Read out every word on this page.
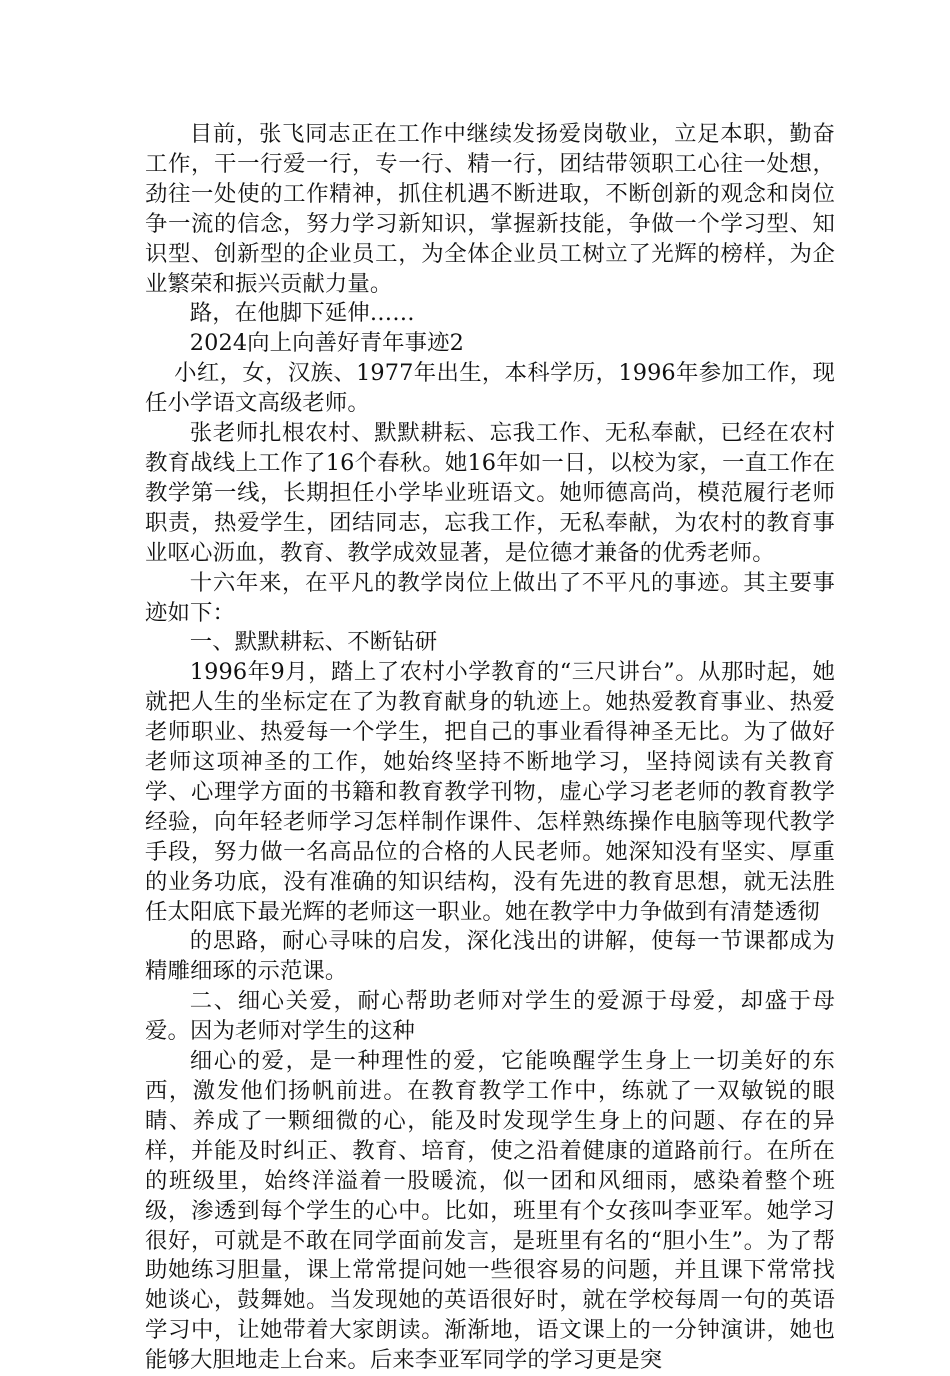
目前，张飞同志正在工作中继续发扬爱岗敬业，立足本职，勤奋工作，干一行爱一行，专一行、精一行，团结带领职工心往一处想，劲往一处使的工作精神，抓住机遇不断进取，不断创新的观念和岗位争一流的信念，努力学习新知识，掌握新技能，争做一个学习型、知识型、创新型的企业员工，为全体企业员工树立了光辉的榜样，为企业繁荣和振兴贡献力量。

路，在他脚下延伸……

2024向上向善好青年事迹2

小红，女，汉族、1977年出生，本科学历，1996年参加工作，现任小学语文高级老师。

张老师扎根农村、默默耕耘、忘我工作、无私奉献，已经在农村教育战线上工作了16个春秋。她16年如一日，以校为家，一直工作在教学第一线，长期担任小学毕业班语文。她师德高尚，模范履行老师职责，热爱学生，团结同志，忘我工作，无私奉献，为农村的教育事业呕心沥血，教育、教学成效显著，是位德才兼备的优秀老师。

十六年来，在平凡的教学岗位上做出了不平凡的事迹。其主要事迹如下：

一、默默耕耘、不断钻研

1996年9月，踏上了农村小学教育的“三尺讲台”。从那时起，她就把人生的坐标定在了为教育献身的轨迹上。她热爱教育事业、热爱老师职业、热爱每一个学生，把自己的事业看得神圣无比。为了做好老师这项神圣的工作，她始终坚持不断地学习，坚持阅读有关教育学、心理学方面的书籍和教育教学刊物，虚心学习老老师的教育教学经验，向年轻老师学习怎样制作课件、怎样熟练操作电脑等现代教学手段，努力做一名高品位的合格的人民老师。她深知没有坚实、厚重的业务功底，没有准确的知识结构，没有先进的教育思想，就无法胜任太阳底下最光辉的老师这一职业。她在教学中力争做到有清楚透彻

的思路，耐心寻味的启发，深化浅出的讲解，使每一节课都成为精雕细琢的示范课。

二、细心关爱，耐心帮助老师对学生的爱源于母爱，却盛于母爱。因为老师对学生的这种

细心的爱，是一种理性的爱，它能唤醒学生身上一切美好的东西，激发他们扬帆前进。在教育教学工作中，练就了一双敏锐的眼睛、养成了一颗细微的心，能及时发现学生身上的问题、存在的异样，并能及时纠正、教育、培育，使之沿着健康的道路前行。在所在的班级里，始终洋溢着一股暖流，似一团和风细雨，感染着整个班级，渗透到每个学生的心中。比如，班里有个女孩叫李亚军。她学习很好，可就是不敢在同学面前发言，是班里有名的“胆小生”。为了帮助她练习胆量，课上常常提问她一些很容易的问题，并且课下常常找她谈心，鼓舞她。当发现她的英语很好时，就在学校每周一句的英语学习中，让她带着大家朗读。渐渐地，语文课上的一分钟演讲，她也能够大胆地走上台来。后来李亚军同学的学习更是突
